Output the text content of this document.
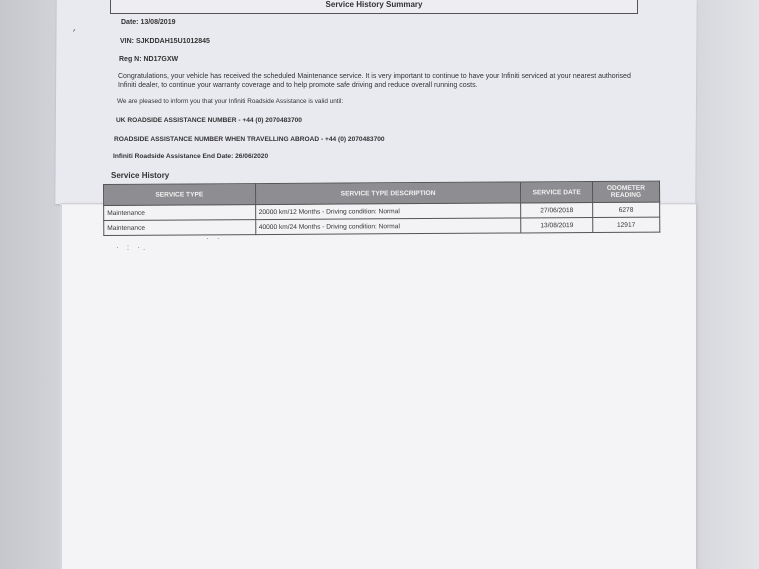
′
Service History Summary
Date: 13/08/2019
VIN: SJKDDAH15U1012845
Reg N: ND17GXW
Congratulations, your vehicle has received the scheduled Maintenance service. It is very important to continue to have your Infiniti serviced at your nearest authorised Infiniti dealer, to continue your warranty coverage and to help promote safe driving and reduce overall running costs.
We are pleased to inform you that your Infiniti Roadside Assistance is valid until:
UK ROADSIDE ASSISTANCE NUMBER - +44 (0) 2070483700
ROADSIDE ASSISTANCE NUMBER WHEN TRAVELLING ABROAD - +44 (0) 2070483700
Infiniti Roadside Assistance End Date: 26/06/2020
Service History
SERVICE TYPE	SERVICE TYPE DESCRIPTION	SERVICE DATE	ODOMETER READING
Maintenance	20000 km/12 Months - Driving condition: Normal	27/06/2018	6278
Maintenance	40000 km/24 Months - Driving condition: Normal	13/08/2019	12917
· ·
· : ·.
